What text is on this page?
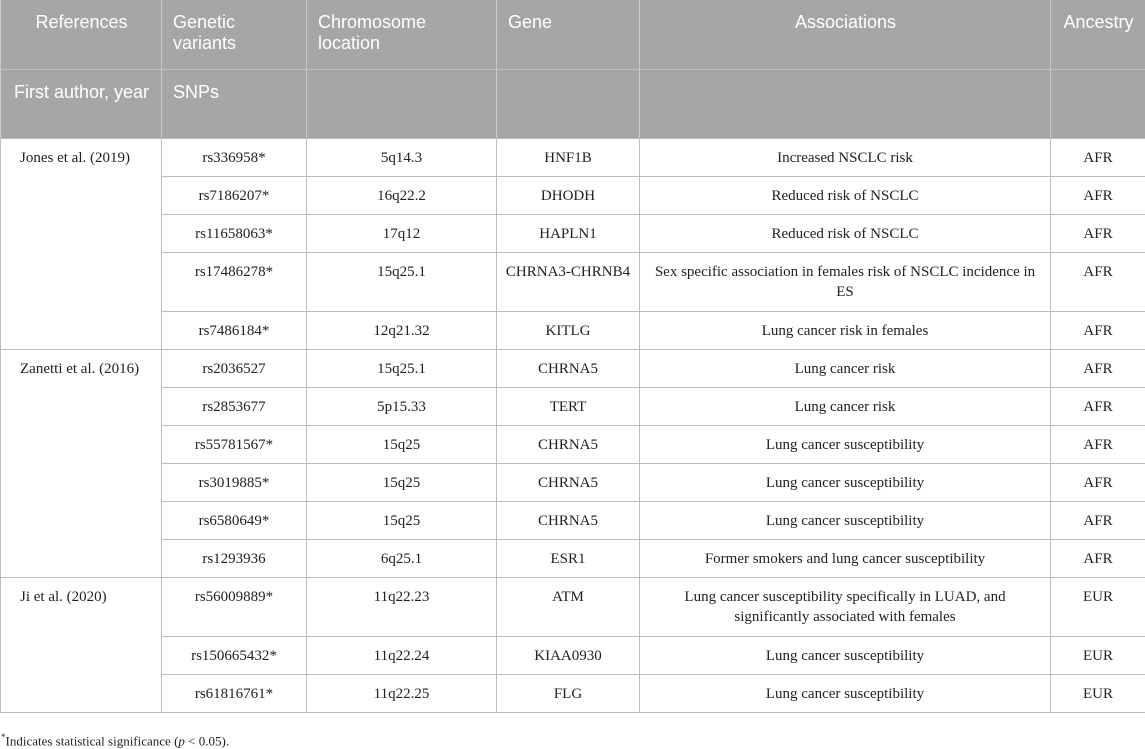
References	Genetic variants	Chromosome location	Gene	Associations	Ancestry
First author, year	SNPs				
Jones et al. (2019)	rs336958*	5q14.3	HNF1B	Increased NSCLC risk	AFR
	rs7186207*	16q22.2	DHODH	Reduced risk of NSCLC	AFR
	rs11658063*	17q12	HAPLN1	Reduced risk of NSCLC	AFR
	rs17486278*	15q25.1	CHRNA3-CHRNB4	Sex specific association in females risk of NSCLC incidence in ES	AFR
	rs7486184*	12q21.32	KITLG	Lung cancer risk in females	AFR
Zanetti et al. (2016)	rs2036527	15q25.1	CHRNA5	Lung cancer risk	AFR
	rs2853677	5p15.33	TERT	Lung cancer risk	AFR
	rs55781567*	15q25	CHRNA5	Lung cancer susceptibility	AFR
	rs3019885*	15q25	CHRNA5	Lung cancer susceptibility	AFR
	rs6580649*	15q25	CHRNA5	Lung cancer susceptibility	AFR
	rs1293936	6q25.1	ESR1	Former smokers and lung cancer susceptibility	AFR
Ji et al. (2020)	rs56009889*	11q22.23	ATM	Lung cancer susceptibility specifically in LUAD, and significantly associated with females	EUR
	rs150665432*	11q22.24	KIAA0930	Lung cancer susceptibility	EUR
	rs61816761*	11q22.25	FLG	Lung cancer susceptibility	EUR
*Indicates statistical significance (p < 0.05).
